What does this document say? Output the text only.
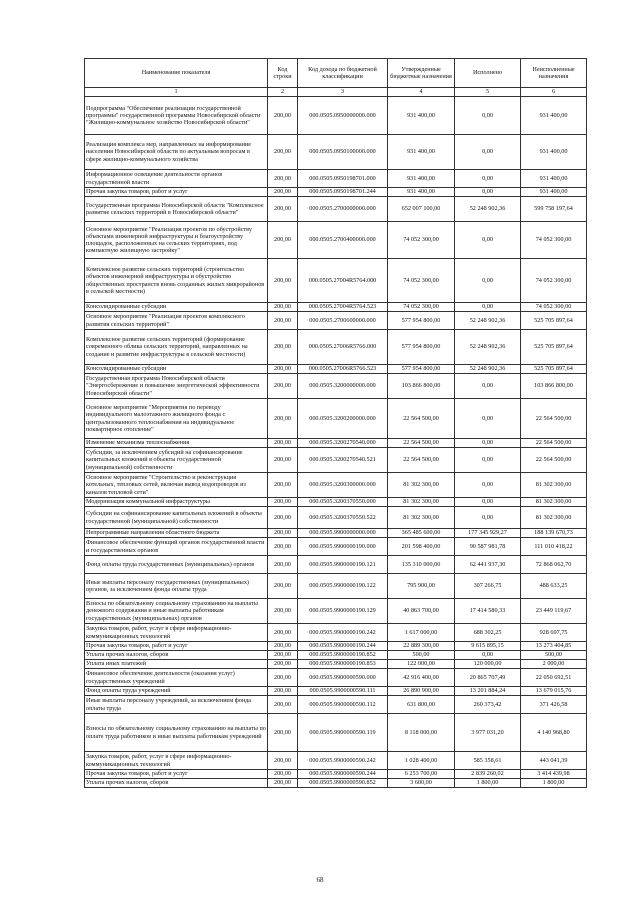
Наименование показателя	Код строки	Код дохода по бюджетной классификации	Утвержденные бюджетные назначения	Исполнено	Неисполненные назначения
1	2	3	4	5	6
Подпрограмма "Обеспечение реализации государственной программы" государственной программы Новосибирской области "Жилищно-коммунальное хозяйство Новосибирской области"	200,00	000.0505.0950000000.000	931 400,00	0,00	931 400,00
Реализация комплекса мер, направленных на информирование населения Новосибирской области по актуальным вопросам в сфере жилищно-коммунального хозяйства	200,00	000.0505.0950100000.000	931 400,00	0,00	931 400,00
Информационное освещение деятельности органов государственной власти	200,00	000.0505.0950198701.000	931 400,00	0,00	931 400,00
Прочая закупка товаров, работ и услуг	200,00	000.0505.0950198701.244	931 400,00	0,00	931 400,00
Государственная программа Новосибирской области "Комплексное развитие сельских территорий в Новосибирской области"	200,00	000.0505.2700000000.000	652 007 100,00	52 248 902,36	599 758 197,64
Основное мероприятие "Реализация проектов по обустройству объектами инженерной инфраструктуры и благоустройству площадок, расположенных на сельских территориях, под компактную жилищную застройку"	200,00	000.0505.2700400000.000	74 052 300,00	0,00	74 052 300,00
Комплексное развитие сельских территорий (строительство объектов инженерной инфраструктуры и обустройство общественных пространств вновь созданных жилых микрорайонов в сельской местности)	200,00	000.0505.27004R5764.000	74 052 300,00	0,00	74 052 300,00
Консолидированные субсидии	200,00	000.0505.27004R5764.523	74 052 300,00	0,00	74 052 300,00
Основное мероприятие "Реализация проектов комплексного развития сельских территорий"	200,00	000.0505.2700600000.000	577 954 800,00	52 248 902,36	525 705 897,64
Комплексное развитие сельских территорий (формирование современного облика сельских территорий, направленных на создание и развитие инфраструктуры в сельской местности)	200,00	000.0505.27006R5766.000	577 954 800,00	52 248 902,36	525 705 897,64
Консолидированные субсидии	200,00	000.0505.27006R5766.523	577 954 800,00	52 248 902,36	525 705 897,64
Государственная программа Новосибирской области "Энергосбережение и повышение энергетической эффективности Новосибирской области"	200,00	000.0505.3200000000.000	103 866 800,00	0,00	103 866 800,00
Основное мероприятие "Мероприятия по переводу индивидуального малоэтажного жилищного фонда с централизованного теплоснабжения на индивидуальное поквартирное отопление"	200,00	000.0505.3200200000.000	22 564 500,00	0,00	22 564 500,00
Изменение механизма теплоснабжения	200,00	000.0505.3200270540.000	22 564 500,00	0,00	22 564 500,00
Субсидии, за исключением субсидий на софинансирование капитальных вложений в объекты государственной (муниципальной) собственности	200,00	000.0505.3200270540.521	22 564 500,00	0,00	22 564 500,00
Основное мероприятие "Строительство и реконструкция котельных, тепловых сетей, включая вывод водопроводов из каналов тепловой сети"	200,00	000.0505.3200300000.000	81 302 300,00	0,00	81 302 300,00
Модернизация коммунальной инфраструктуры	200,00	000.0505.3200370550.000	81 302 300,00	0,00	81 302 300,00
Субсидии на софинансирование капитальных вложений в объекты государственной (муниципальной) собственности	200,00	000.0505.3200370550.522	81 302 300,00	0,00	81 302 300,00
Непрограммные направления областного бюджета	200,00	000.0505.9900000000.000	365 485 600,00	177 345 929,27	188 139 670,73
Финансовое обеспечение функций органов государственной власти и государственных органов	200,00	000.0505.9900000190.000	201 598 400,00	90 587 981,78	111 010 418,22
Фонд оплаты труда государственных (муниципальных) органов	200,00	000.0505.9900000190.121	135 310 000,00	62 441 937,30	72 868 062,70
Иные выплаты персоналу государственных (муниципальных) органов, за исключением фонда оплаты труда	200,00	000.0505.9900000190.122	795 900,00	307 266,75	488 633,25
Взносы по обязательному социальному страхованию на выплаты денежного содержания и иные выплаты работникам государственных (муниципальных) органов	200,00	000.0505.9900000190.129	40 863 700,00	17 414 580,33	23 449 119,67
Закупка товаров, работ, услуг в сфере информационно-коммуникационных технологий	200,00	000.0505.9900000190.242	1 617 000,00	688 302,25	928 697,75
Прочая закупка товаров, работ и услуг	200,00	000.0505.9900000190.244	22 889 300,00	9 615 895,15	13 273 404,85
Уплата прочих налогов, сборов	200,00	000.0505.9900000190.852	500,00	0,00	500,00
Уплата иных платежей	200,00	000.0505.9900000190.853	122 000,00	120 000,00	2 000,00
Финансовое обеспечение деятельности (оказания услуг) государственных учреждений	200,00	000.0505.9900000590.000	42 916 400,00	20 865 707,49	22 050 692,51
Фонд оплаты труда учреждений	200,00	000.0505.9900000590.111	26 890 900,00	13 201 884,24	13 679 015,76
Иные выплаты персоналу учреждений, за исключением фонда оплаты труда	200,00	000.0505.9900000590.112	631 800,00	260 373,42	371 426,58
Взносы по обязательному социальному страхованию на выплаты по оплате труда работников и иные выплаты работникам учреждений	200,00	000.0505.9900000590.119	8 118 000,00	3 977 031,20	4 140 968,80
Закупка товаров, работ, услуг в сфере информационно-коммуникационных технологий	200,00	000.0505.9900000590.242	1 028 400,00	585 358,61	443 041,39
Прочая закупка товаров, работ и услуг	200,00	000.0505.9900000590.244	6 253 700,00	2 839 260,02	3 414 439,98
Уплата прочих налогов, сборов	200,00	000.0505.9900000590.852	3 600,00	1 800,00	1 800,00
68
